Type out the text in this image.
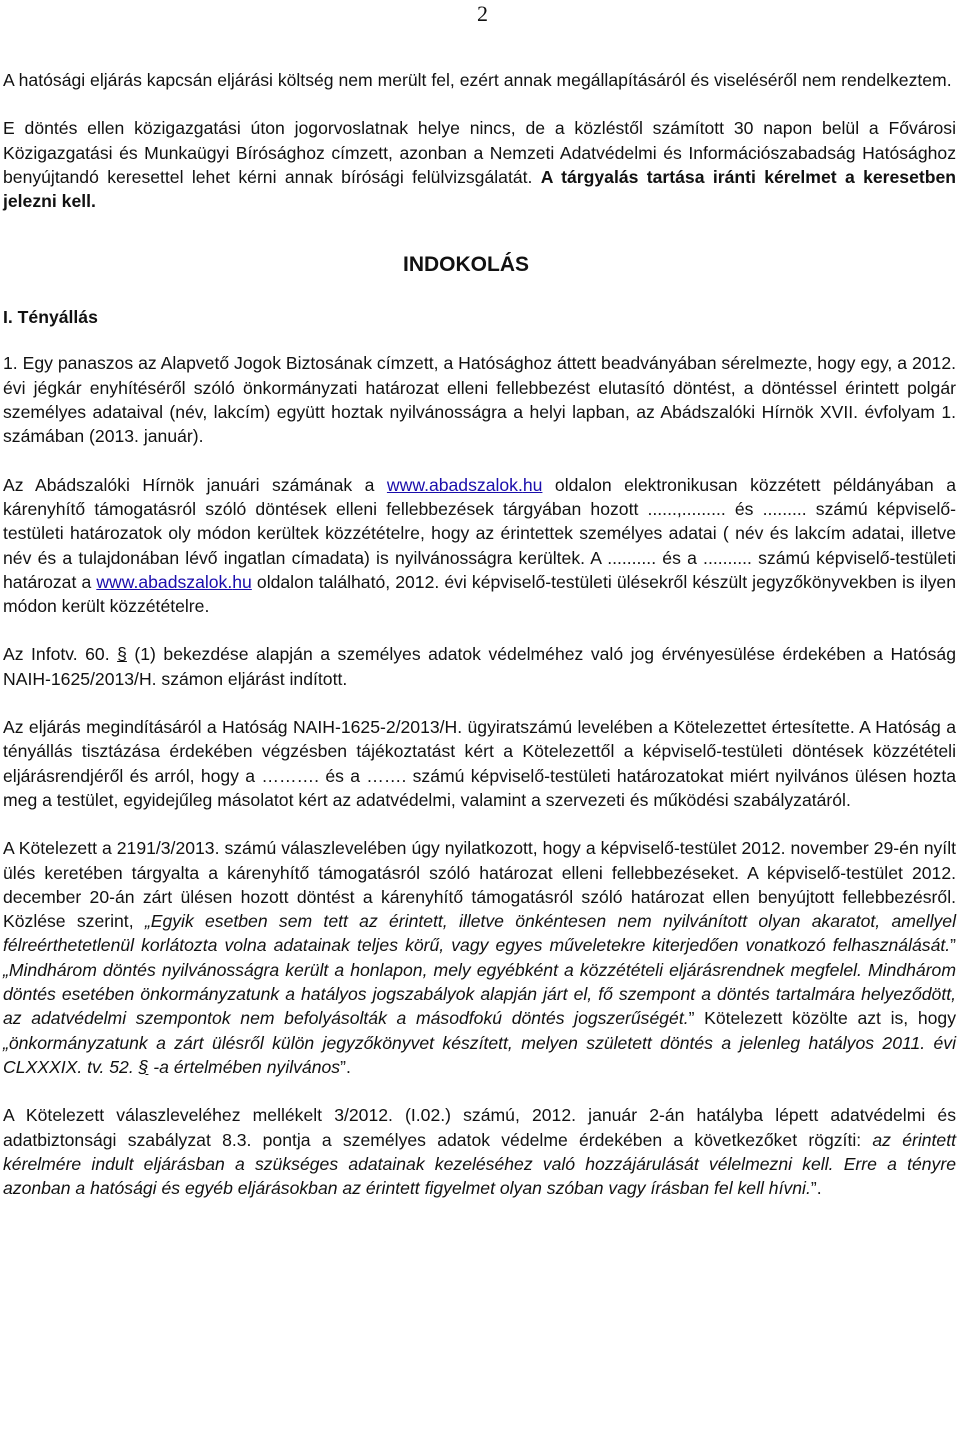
2

A hatósági eljárás kapcsán eljárási költség nem merült fel, ezért annak megállapításáról és viseléséről nem rendelkeztem.

E döntés ellen közigazgatási úton jogorvoslatnak helye nincs, de a közléstől számított 30 napon belül a Fővárosi Közigazgatási és Munkaügyi Bírósághoz címzett, azonban a Nemzeti Adatvédelmi és Információszabadság Hatósághoz benyújtandó keresettel lehet kérni annak bírósági felülvizsgálatát. A tárgyalás tartása iránti kérelmet a keresetben jelezni kell.

INDOKOLÁS
I. Tényállás

1. Egy panaszos az Alapvető Jogok Biztosának címzett, a Hatósághoz áttett beadványában sérelmezte, hogy egy, a 2012. évi jégkár enyhítéséről szóló önkormányzati határozat elleni fellebbezést elutasító döntést, a döntéssel érintett polgár személyes adataival (név, lakcím) együtt hoztak nyilvánosságra a helyi lapban, az Abádszalóki Hírnök XVII. évfolyam 1. számában (2013. január).

Az Abádszalóki Hírnök januári számának a www.abadszalok.hu oldalon elektronikusan közzétett példányában a kárenyhítő támogatásról szóló döntések elleni fellebbezések tárgyában hozott ......,......... és ......... számú képviselő-testületi határozatok oly módon kerültek közzétételre, hogy az érintettek személyes adatai ( név és lakcím adatai, illetve név és a tulajdonában lévő ingatlan címadata) is nyilvánosságra kerültek. A .......... és a .......... számú képviselő-testületi határozat a www.abadszalok.hu oldalon található, 2012. évi képviselő-testületi ülésekről készült jegyzőkönyvekben is ilyen módon került közzétételre.

Az Infotv. 60. § (1) bekezdése alapján a személyes adatok védelméhez való jog érvényesülése érdekében a Hatóság NAIH-1625/2013/H. számon eljárást indított.

Az eljárás megindításáról a Hatóság NAIH-1625-2/2013/H. ügyiratszámú levelében a Kötelezettet értesítette. A Hatóság a tényállás tisztázása érdekében végzésben tájékoztatást kért a Kötelezettől a képviselő-testületi döntések közzétételi eljárásrendjéről és arról, hogy a ………. és a ……. számú képviselő-testületi határozatokat miért nyilvános ülésen hozta meg a testület, egyidejűleg másolatot kért az adatvédelmi, valamint a szervezeti és működési szabályzatáról.

A Kötelezett a 2191/3/2013. számú válaszlevelében úgy nyilatkozott, hogy a képviselő-testület 2012. november 29-én nyílt ülés keretében tárgyalta a kárenyhítő támogatásról szóló határozat elleni fellebbezéseket. A képviselő-testület 2012. december 20-án zárt ülésen hozott döntést a kárenyhítő támogatásról szóló határozat ellen benyújtott fellebbezésről. Közlése szerint, „Egyik esetben sem tett az érintett, illetve önkéntesen nem nyilvánított olyan akaratot, amellyel félreérthetetlenül korlátozta volna adatainak teljes körű, vagy egyes műveletekre kiterjedően vonatkozó felhasználását.” „Mindhárom döntés nyilvánosságra került a honlapon, mely egyébként a közzétételi eljárásrendnek megfelel. Mindhárom döntés esetében önkormányzatunk a hatályos jogszabályok alapján járt el, fő szempont a döntés tartalmára helyeződött, az adatvédelmi szempontok nem befolyásolták a másodfokú döntés jogszerűségét.” Kötelezett közölte azt is, hogy „önkormányzatunk a zárt ülésről külön jegyzőkönyvet készített, melyen született döntés a jelenleg hatályos 2011. évi CLXXXIX. tv. 52. § -a értelmében nyilvános”.

A Kötelezett válaszleveléhez mellékelt 3/2012. (I.02.) számú, 2012. január 2-án hatályba lépett adatvédelmi és adatbiztonsági szabályzat 8.3. pontja a személyes adatok védelme érdekében a következőket rögzíti: az érintett kérelmére indult eljárásban a szükséges adatainak kezeléséhez való hozzájárulását vélelmezni kell. Erre a tényre azonban a hatósági és egyéb eljárásokban az érintett figyelmet olyan szóban vagy írásban fel kell hívni.”.
